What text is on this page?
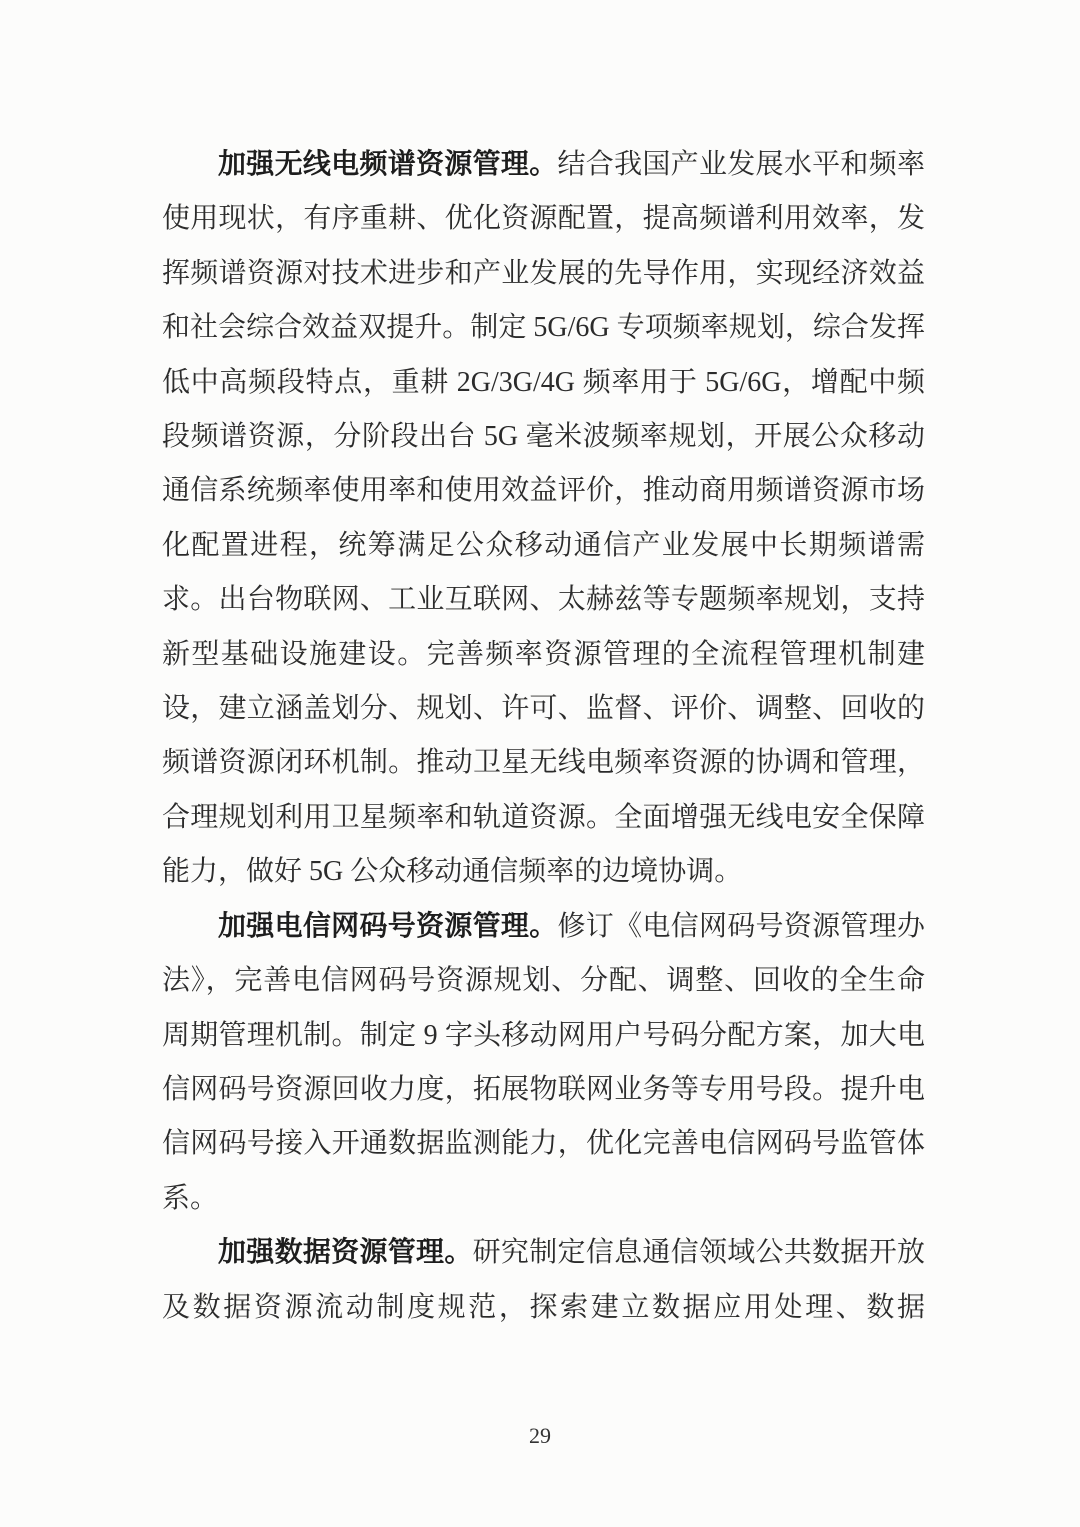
加强无线电频谱资源管理。结合我国产业发展水平和频率使用现状，有序重耕、优化资源配置，提高频谱利用效率，发挥频谱资源对技术进步和产业发展的先导作用，实现经济效益和社会综合效益双提升。制定 5G/6G 专项频率规划，综合发挥低中高频段特点，重耕 2G/3G/4G 频率用于 5G/6G，增配中频段频谱资源，分阶段出台 5G 毫米波频率规划，开展公众移动通信系统频率使用率和使用效益评价，推动商用频谱资源市场化配置进程，统筹满足公众移动通信产业发展中长期频谱需求。出台物联网、工业互联网、太赫兹等专题频率规划，支持新型基础设施建设。完善频率资源管理的全流程管理机制建设，建立涵盖划分、规划、许可、监督、评价、调整、回收的频谱资源闭环机制。推动卫星无线电频率资源的协调和管理，合理规划利用卫星频率和轨道资源。全面增强无线电安全保障能力，做好 5G 公众移动通信频率的边境协调。

加强电信网码号资源管理。修订《电信网码号资源管理办法》，完善电信网码号资源规划、分配、调整、回收的全生命周期管理机制。制定 9 字头移动网用户号码分配方案，加大电信网码号资源回收力度，拓展物联网业务等专用号段。提升电信网码号接入开通数据监测能力，优化完善电信网码号监管体系。

加强数据资源管理。研究制定信息通信领域公共数据开放及数据资源流动制度规范，探索建立数据应用处理、数据

29
